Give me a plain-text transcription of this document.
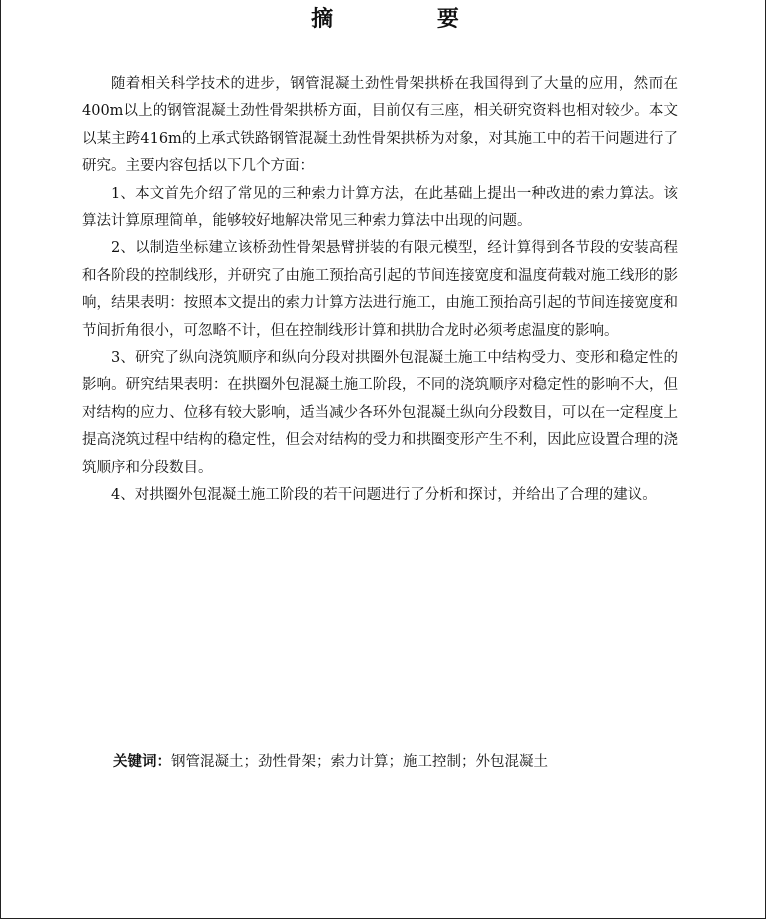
摘 要

随着相关科学技术的进步，钢管混凝土劲性骨架拱桥在我国得到了大量的应用，然而在400m以上的钢管混凝土劲性骨架拱桥方面，目前仅有三座，相关研究资料也相对较少。本文以某主跨416m的上承式铁路钢管混凝土劲性骨架拱桥为对象，对其施工中的若干问题进行了研究。主要内容包括以下几个方面：

1、本文首先介绍了常见的三种索力计算方法，在此基础上提出一种改进的索力算法。该算法计算原理简单，能够较好地解决常见三种索力算法中出现的问题。

2、以制造坐标建立该桥劲性骨架悬臂拼装的有限元模型，经计算得到各节段的安装高程和各阶段的控制线形，并研究了由施工预抬高引起的节间连接宽度和温度荷载对施工线形的影响，结果表明：按照本文提出的索力计算方法进行施工，由施工预抬高引起的节间连接宽度和节间折角很小，可忽略不计，但在控制线形计算和拱肋合龙时必须考虑温度的影响。

3、研究了纵向浇筑顺序和纵向分段对拱圈外包混凝土施工中结构受力、变形和稳定性的影响。研究结果表明：在拱圈外包混凝土施工阶段，不同的浇筑顺序对稳定性的影响不大，但对结构的应力、位移有较大影响，适当减少各环外包混凝土纵向分段数目，可以在一定程度上提高浇筑过程中结构的稳定性，但会对结构的受力和拱圈变形产生不利，因此应设置合理的浇筑顺序和分段数目。

4、对拱圈外包混凝土施工阶段的若干问题进行了分析和探讨，并给出了合理的建议。

关键词：钢管混凝土；劲性骨架；索力计算；施工控制；外包混凝土
